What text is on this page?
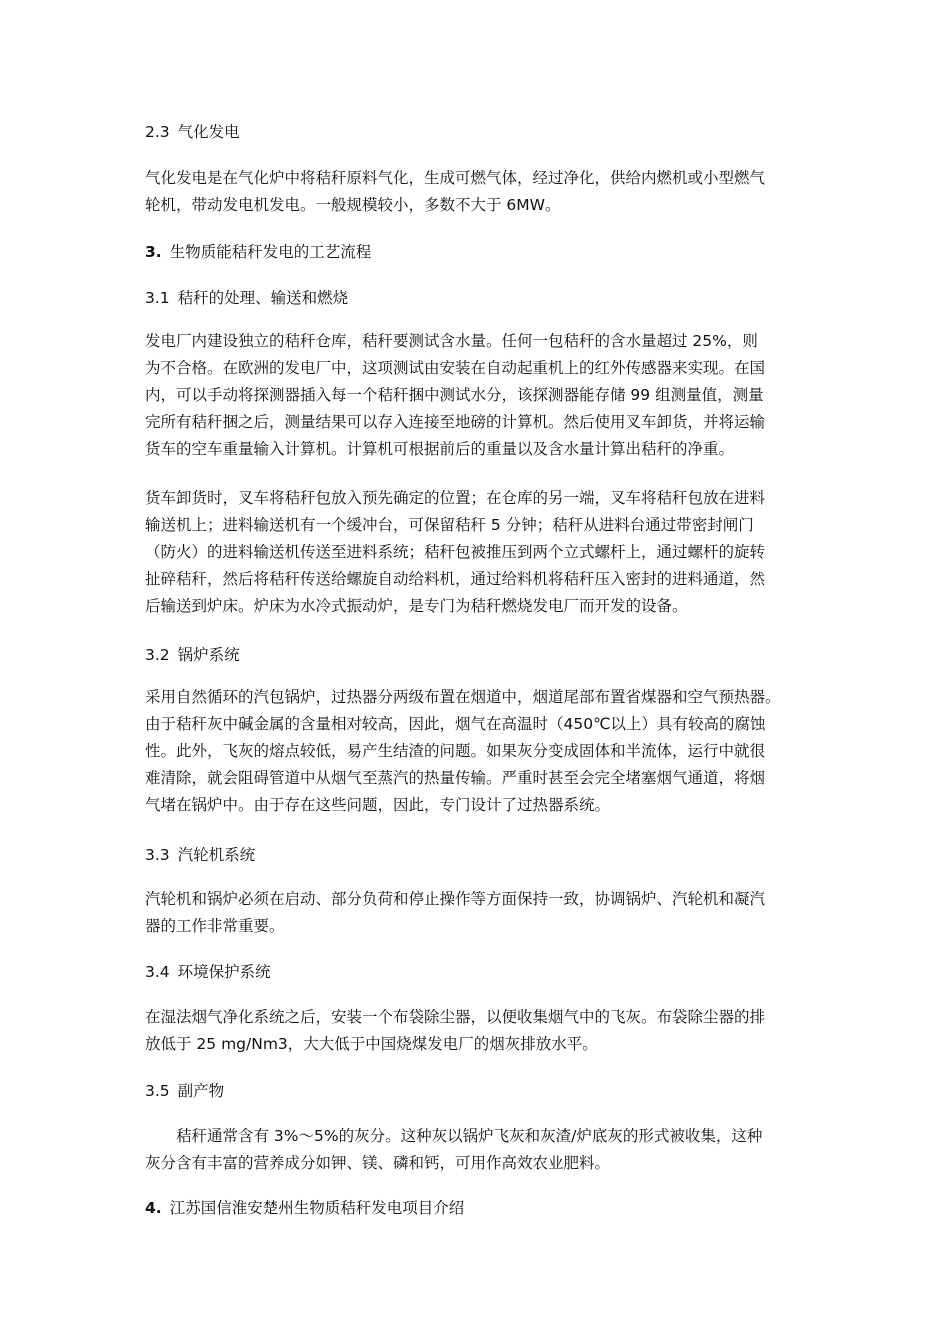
2.3 气化发电
气化发电是在气化炉中将秸秆原料气化，生成可燃气体，经过净化，供给内燃机或小型燃气
轮机，带动发电机发电。一般规模较小，多数不大于 6MW。
3. 生物质能秸秆发电的工艺流程
3.1 秸秆的处理、输送和燃烧
发电厂内建设独立的秸秆仓库，秸秆要测试含水量。任何一包秸秆的含水量超过 25%，则
为不合格。在欧洲的发电厂中，这项测试由安装在自动起重机上的红外传感器来实现。在国
内，可以手动将探测器插入每一个秸秆捆中测试水分，该探测器能存储 99 组测量值，测量
完所有秸秆捆之后，测量结果可以存入连接至地磅的计算机。然后使用叉车卸货，并将运输
货车的空车重量输入计算机。计算机可根据前后的重量以及含水量计算出秸秆的净重。
货车卸货时，叉车将秸秆包放入预先确定的位置；在仓库的另一端，叉车将秸秆包放在进料
输送机上；进料输送机有一个缓冲台，可保留秸秆 5 分钟；秸秆从进料台通过带密封闸门
（防火）的进料输送机传送至进料系统；秸秆包被推压到两个立式螺杆上，通过螺杆的旋转
扯碎秸秆，然后将秸秆传送给螺旋自动给料机，通过给料机将秸秆压入密封的进料通道，然
后输送到炉床。炉床为水冷式振动炉，是专门为秸秆燃烧发电厂而开发的设备。
3.2 锅炉系统
采用自然循环的汽包锅炉，过热器分两级布置在烟道中，烟道尾部布置省煤器和空气预热器。
由于秸秆灰中碱金属的含量相对较高，因此，烟气在高温时（450℃以上）具有较高的腐蚀
性。此外，飞灰的熔点较低，易产生结渣的问题。如果灰分变成固体和半流体，运行中就很
难清除，就会阻碍管道中从烟气至蒸汽的热量传输。严重时甚至会完全堵塞烟气通道，将烟
气堵在锅炉中。由于存在这些问题，因此，专门设计了过热器系统。
3.3 汽轮机系统
汽轮机和锅炉必须在启动、部分负荷和停止操作等方面保持一致，协调锅炉、汽轮机和凝汽
器的工作非常重要。
3.4 环境保护系统
在湿法烟气净化系统之后，安装一个布袋除尘器，以便收集烟气中的飞灰。布袋除尘器的排
放低于 25 mg/Nm3，大大低于中国烧煤发电厂的烟灰排放水平。
3.5 副产物
秸秆通常含有 3%～5%的灰分。这种灰以锅炉飞灰和灰渣/炉底灰的形式被收集，这种
灰分含有丰富的营养成分如钾、镁、磷和钙，可用作高效农业肥料。
4. 江苏国信淮安楚州生物质秸秆发电项目介绍
